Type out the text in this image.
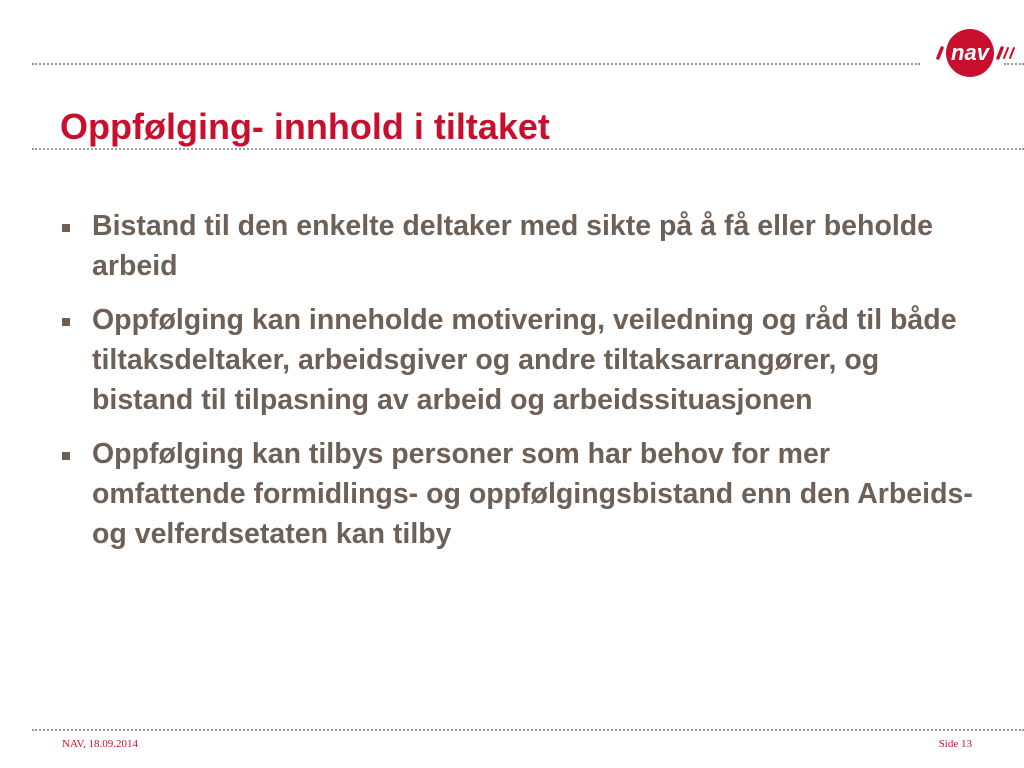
nav
Oppfølging- innhold i tiltaket
Bistand til den enkelte deltaker med sikte på å få eller beholde arbeid
Oppfølging kan inneholde motivering, veiledning og råd til både tiltaksdeltaker, arbeidsgiver og andre tiltaksarrangører, og bistand til tilpasning av arbeid og arbeidssituasjonen
Oppfølging kan tilbys personer som har behov for mer omfattende formidlings- og oppfølgingsbistand enn den Arbeids- og velferdsetaten kan tilby

NAV, 18.09.2014	Side 13
